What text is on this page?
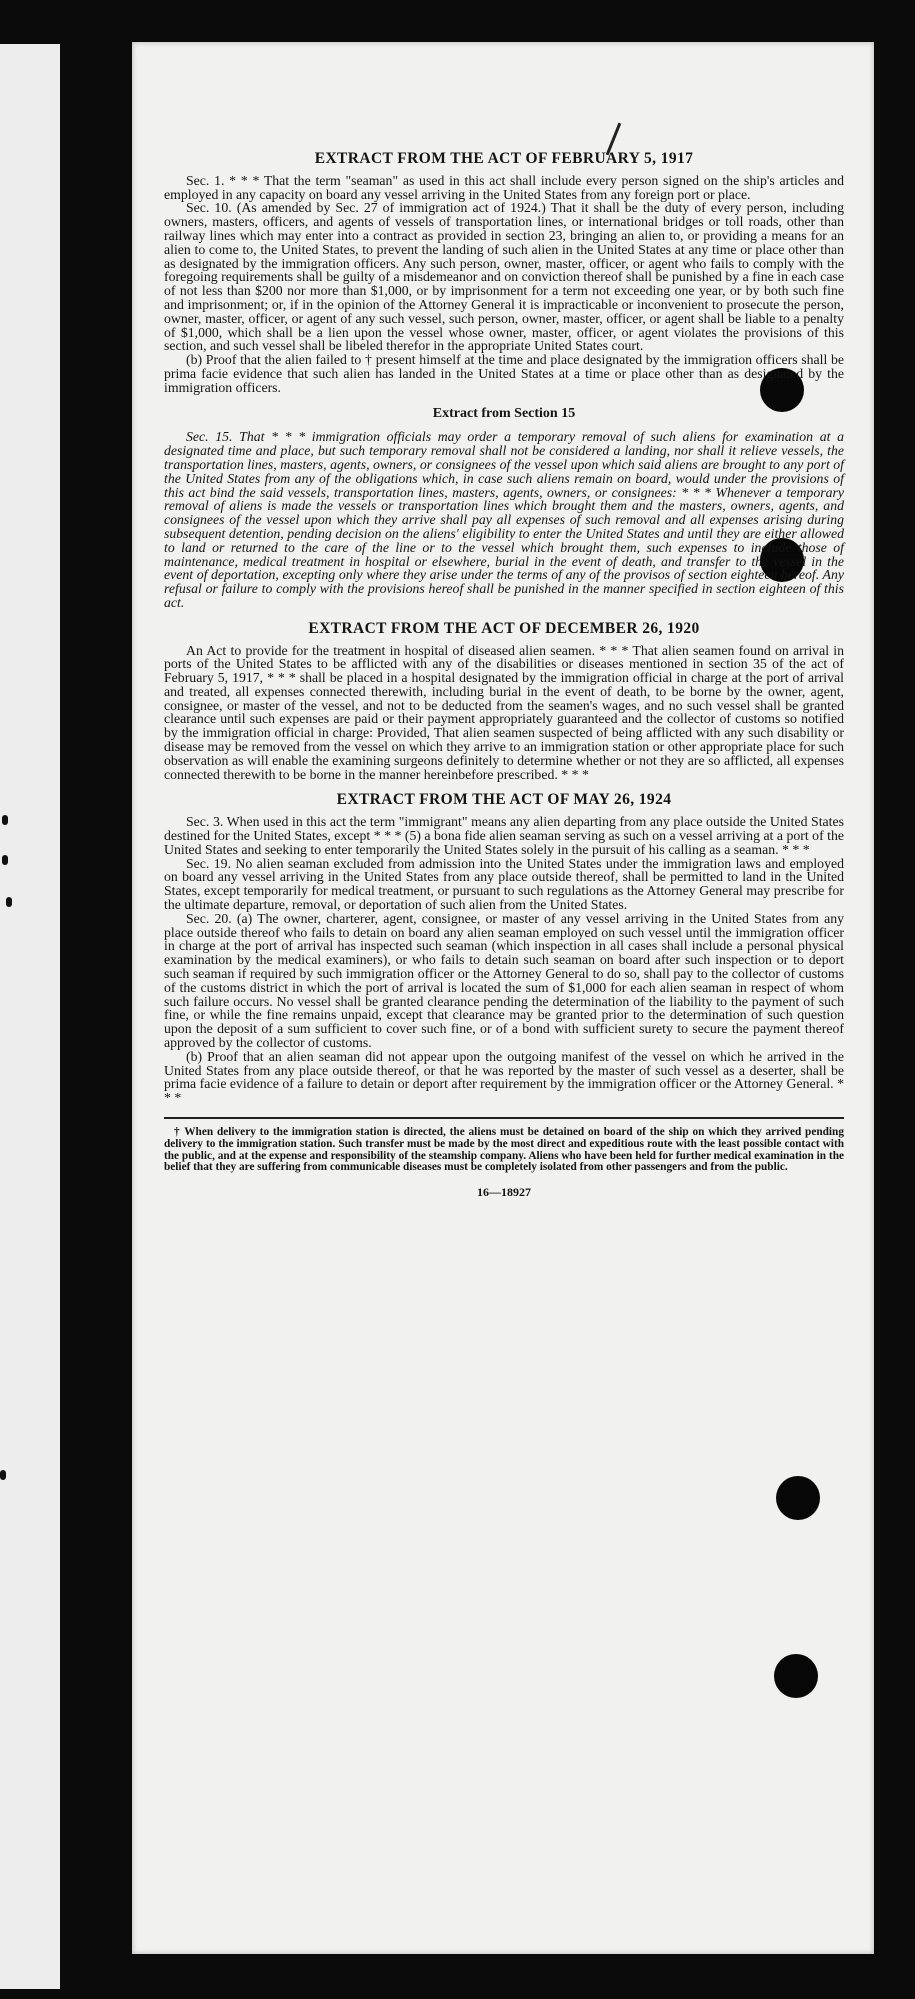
EXTRACT FROM THE ACT OF FEBRUARY 5, 1917

Sec. 1. * * * That the term "seaman" as used in this act shall include every person signed on the ship's articles and employed in any capacity on board any vessel arriving in the United States from any foreign port or place.

Sec. 10. (As amended by Sec. 27 of immigration act of 1924.) That it shall be the duty of every person, including owners, masters, officers, and agents of vessels of transportation lines, or international bridges or toll roads, other than railway lines which may enter into a contract as provided in section 23, bringing an alien to, or providing a means for an alien to come to, the United States, to prevent the landing of such alien in the United States at any time or place other than as designated by the immigration officers. Any such person, owner, master, officer, or agent who fails to comply with the foregoing requirements shall be guilty of a misdemeanor and on conviction thereof shall be punished by a fine in each case of not less than $200 nor more than $1,000, or by imprisonment for a term not exceeding one year, or by both such fine and imprisonment; or, if in the opinion of the Attorney General it is impracticable or inconvenient to prosecute the person, owner, master, officer, or agent of any such vessel, such person, owner, master, officer, or agent shall be liable to a penalty of $1,000, which shall be a lien upon the vessel whose owner, master, officer, or agent violates the provisions of this section, and such vessel shall be libeled therefor in the appropriate United States court.

(b) Proof that the alien failed to † present himself at the time and place designated by the immigration officers shall be prima facie evidence that such alien has landed in the United States at a time or place other than as designated by the immigration officers.

Extract from Section 15

Sec. 15. That * * * immigration officials may order a temporary removal of such aliens for examination at a designated time and place, but such temporary removal shall not be considered a landing, nor shall it relieve vessels, the transportation lines, masters, agents, owners, or consignees of the vessel upon which said aliens are brought to any port of the United States from any of the obligations which, in case such aliens remain on board, would under the provisions of this act bind the said vessels, transportation lines, masters, agents, owners, or consignees: * * * Whenever a temporary removal of aliens is made the vessels or transportation lines which brought them and the masters, owners, agents, and consignees of the vessel upon which they arrive shall pay all expenses of such removal and all expenses arising during subsequent detention, pending decision on the aliens' eligibility to enter the United States and until they are either allowed to land or returned to the care of the line or to the vessel which brought them, such expenses to include those of maintenance, medical treatment in hospital or elsewhere, burial in the event of death, and transfer to the vessel in the event of deportation, excepting only where they arise under the terms of any of the provisos of section eighteen hereof. Any refusal or failure to comply with the provisions hereof shall be punished in the manner specified in section eighteen of this act.

EXTRACT FROM THE ACT OF DECEMBER 26, 1920

An Act to provide for the treatment in hospital of diseased alien seamen. * * * That alien seamen found on arrival in ports of the United States to be afflicted with any of the disabilities or diseases mentioned in section 35 of the act of February 5, 1917, * * * shall be placed in a hospital designated by the immigration official in charge at the port of arrival and treated, all expenses connected therewith, including burial in the event of death, to be borne by the owner, agent, consignee, or master of the vessel, and not to be deducted from the seamen's wages, and no such vessel shall be granted clearance until such expenses are paid or their payment appropriately guaranteed and the collector of customs so notified by the immigration official in charge: Provided, That alien seamen suspected of being afflicted with any such disability or disease may be removed from the vessel on which they arrive to an immigration station or other appropriate place for such observation as will enable the examining surgeons definitely to determine whether or not they are so afflicted, all expenses connected therewith to be borne in the manner hereinbefore prescribed. * * *

EXTRACT FROM THE ACT OF MAY 26, 1924

Sec. 3. When used in this act the term "immigrant" means any alien departing from any place outside the United States destined for the United States, except * * * (5) a bona fide alien seaman serving as such on a vessel arriving at a port of the United States and seeking to enter temporarily the United States solely in the pursuit of his calling as a seaman. * * *

Sec. 19. No alien seaman excluded from admission into the United States under the immigration laws and employed on board any vessel arriving in the United States from any place outside thereof, shall be permitted to land in the United States, except temporarily for medical treatment, or pursuant to such regulations as the Attorney General may prescribe for the ultimate departure, removal, or deportation of such alien from the United States.

Sec. 20. (a) The owner, charterer, agent, consignee, or master of any vessel arriving in the United States from any place outside thereof who fails to detain on board any alien seaman employed on such vessel until the immigration officer in charge at the port of arrival has inspected such seaman (which inspection in all cases shall include a personal physical examination by the medical examiners), or who fails to detain such seaman on board after such inspection or to deport such seaman if required by such immigration officer or the Attorney General to do so, shall pay to the collector of customs of the customs district in which the port of arrival is located the sum of $1,000 for each alien seaman in respect of whom such failure occurs. No vessel shall be granted clearance pending the determination of the liability to the payment of such fine, or while the fine remains unpaid, except that clearance may be granted prior to the determination of such question upon the deposit of a sum sufficient to cover such fine, or of a bond with sufficient surety to secure the payment thereof approved by the collector of customs.

(b) Proof that an alien seaman did not appear upon the outgoing manifest of the vessel on which he arrived in the United States from any place outside thereof, or that he was reported by the master of such vessel as a deserter, shall be prima facie evidence of a failure to detain or deport after requirement by the immigration officer or the Attorney General. * * *

† When delivery to the immigration station is directed, the aliens must be detained on board of the ship on which they arrived pending delivery to the immigration station. Such transfer must be made by the most direct and expeditious route with the least possible contact with the public, and at the expense and responsibility of the steamship company. Aliens who have been held for further medical examination in the belief that they are suffering from communicable diseases must be completely isolated from other passengers and from the public.

16—18927
